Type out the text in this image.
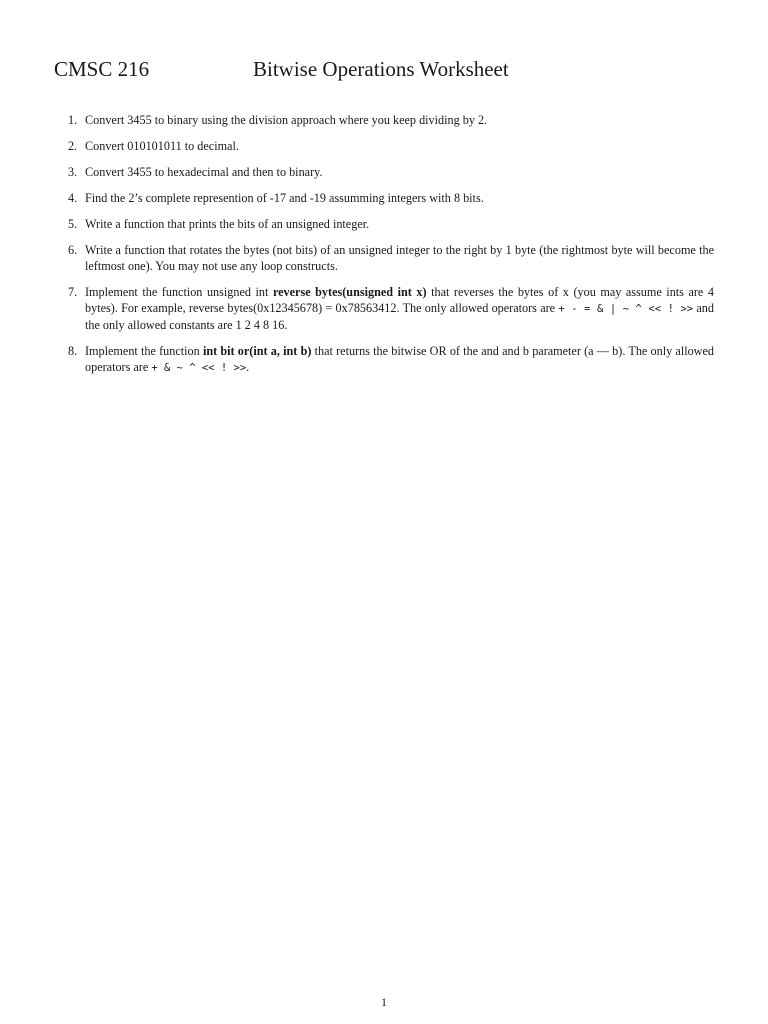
CMSC 216	Bitwise Operations Worksheet
1. Convert 3455 to binary using the division approach where you keep dividing by 2.
2. Convert 010101011 to decimal.
3. Convert 3455 to hexadecimal and then to binary.
4. Find the 2’s complete represention of -17 and -19 assumming integers with 8 bits.
5. Write a function that prints the bits of an unsigned integer.
6. Write a function that rotates the bytes (not bits) of an unsigned integer to the right by 1 byte (the rightmost byte will become the leftmost one). You may not use any loop constructs.
7. Implement the function unsigned int reverse bytes(unsigned int x) that reverses the bytes of x (you may assume ints are 4 bytes). For example, reverse bytes(0x12345678) = 0x78563412. The only allowed operators are + - = & | ~ ^ << ! >> and the only allowed constants are 1 2 4 8 16.
8. Implement the function int bit or(int a, int b) that returns the bitwise OR of the and and b parameter (a — b). The only allowed operators are + & ~ ^ << ! >>.
1
